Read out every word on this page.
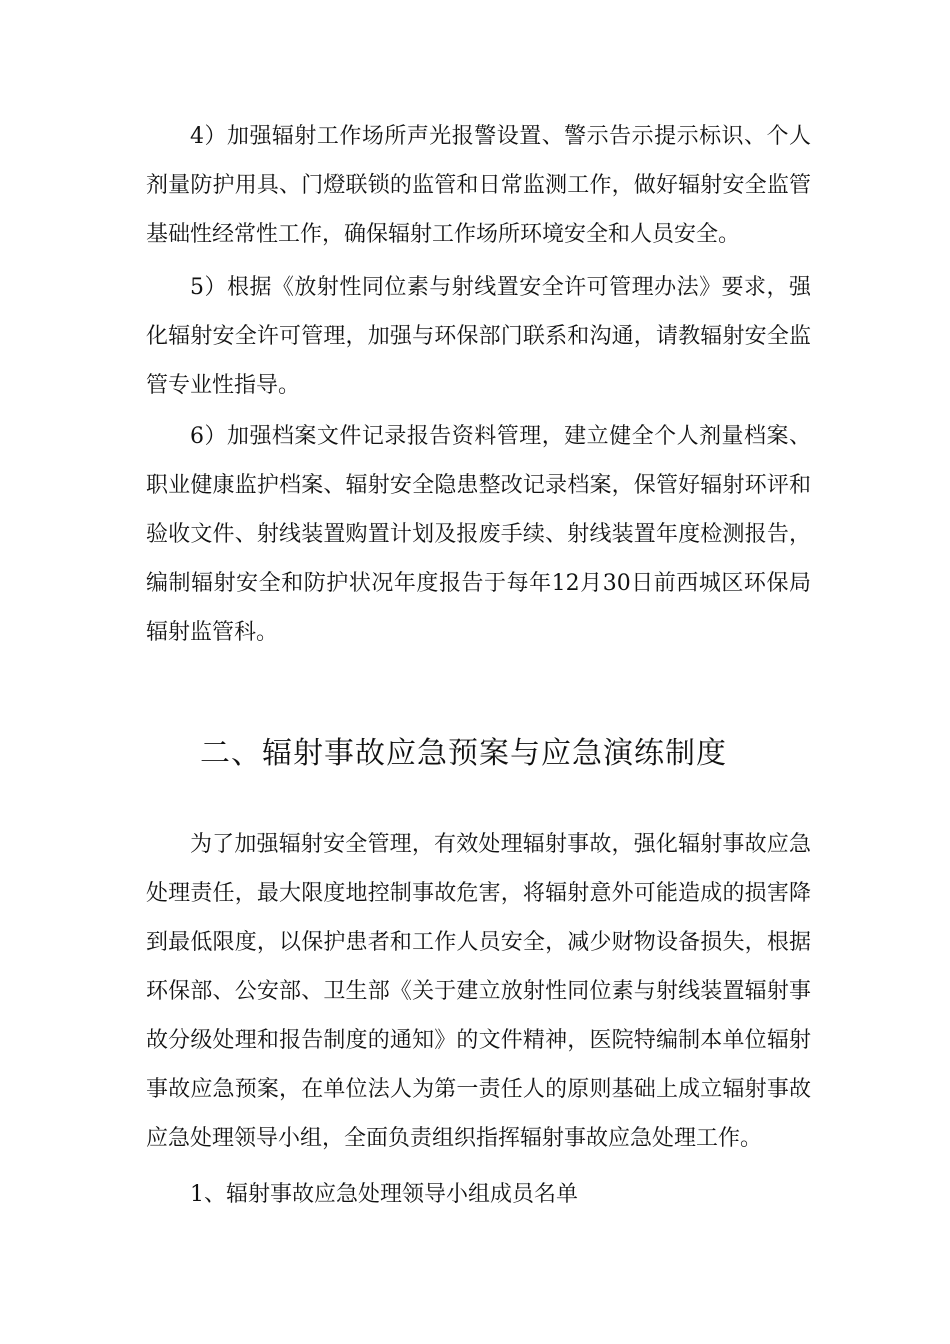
4）加强辐射工作场所声光报警设置、警示告示提示标识、个人剂量防护用具、门燈联锁的监管和日常监测工作，做好辐射安全监管基础性经常性工作，确保辐射工作场所环境安全和人员安全。

5）根据《放射性同位素与射线置安全许可管理办法》要求，强化辐射安全许可管理，加强与环保部门联系和沟通，请教辐射安全监管专业性指导。

6）加强档案文件记录报告资料管理，建立健全个人剂量档案、职业健康监护档案、辐射安全隐患整改记录档案，保管好辐射环评和验收文件、射线装置购置计划及报废手续、射线装置年度检测报告，编制辐射安全和防护状况年度报告于每年12月30日前西城区环保局辐射监管科。

二、辐射事故应急预案与应急演练制度

为了加强辐射安全管理，有效处理辐射事故，强化辐射事故应急处理责任，最大限度地控制事故危害，将辐射意外可能造成的损害降到最低限度，以保护患者和工作人员安全，减少财物设备损失，根据环保部、公安部、卫生部《关于建立放射性同位素与射线装置辐射事故分级处理和报告制度的通知》的文件精神，医院特编制本单位辐射事故应急预案，在单位法人为第一责任人的原则基础上成立辐射事故应急处理领导小组，全面负责组织指挥辐射事故应急处理工作。

1、辐射事故应急处理领导小组成员名单
